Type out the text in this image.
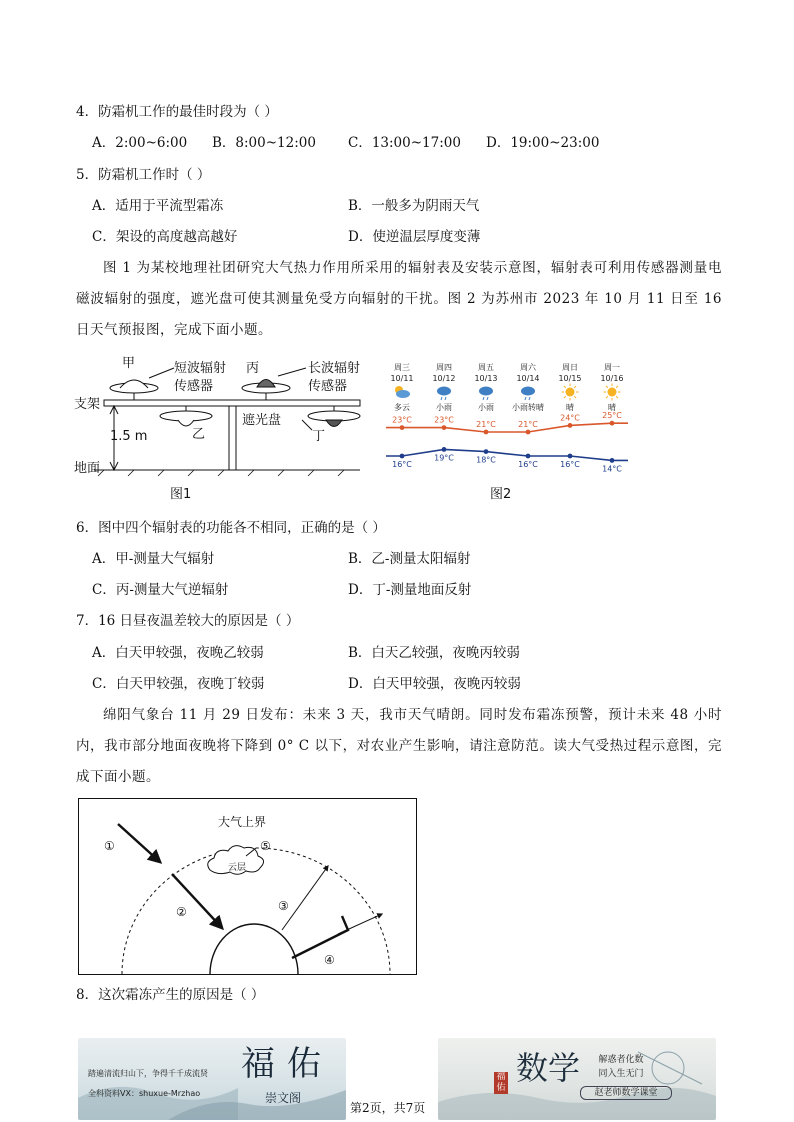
4．防霜机工作的最佳时段为（ ）
A．2:00~6:00 B．8:00~12:00 C．13:00~17:00 D．19:00~23:00
5．防霜机工作时（ ）
A．适用于平流型霜冻	B．一般多为阴雨天气
C．架设的高度越高越好	D．使逆温层厚度变薄
图 1 为某校地理社团研究大气热力作用所采用的辐射表及安装示意图，辐射表可利用传感器测量电磁波辐射的强度，遮光盘可使其测量免受方向辐射的干扰。图 2 为苏州市 2023 年 10 月 11 日至 16 日天气预报图，完成下面小题。
甲	短波辐射
传感器
丙	长波辐射
传感器
支架
乙
遮光盘
丁
1.5 m
地面
图1
周三
10/11
多云
周四
10/12
小雨
周五
10/13
小雨
周六
10/14
小雨转晴
周日
10/15
晴
周一
10/16
晴
23°C
16°C
23°C
19°C
21°C
18°C
21°C
16°C
24°C
16°C
25°C
14°C
图2
6．图中四个辐射表的功能各不相同，正确的是（ ）
A．甲-测量大气辐射	B．乙-测量太阳辐射
C．丙-测量大气逆辐射	D．丁-测量地面反射
7．16 日昼夜温差较大的原因是（ ）
A．白天甲较强，夜晚乙较弱	B．白天乙较强，夜晚丙较弱
C．白天甲较强，夜晚丁较弱	D．白天甲较强，夜晚丙较弱
绵阳气象台 11 月 29 日发布：未来 3 天，我市天气晴朗。同时发布霜冻预警，预计未来 48 小时内，我市部分地面夜晚将下降到 0° C 以下，对农业产生影响，请注意防范。读大气受热过程示意图，完成下面小题。
大气上界
云层
①
②	③
④
⑤
8．这次霜冻产生的原因是（ ）
踏遍清流归山下，争得千千成流贤
全科资料VX：shuxue-Mrzhao
福 佑
崇文阁
第2页，共7页
福佑
数学	解惑者化数
同入生无门
赵老师数学课堂
